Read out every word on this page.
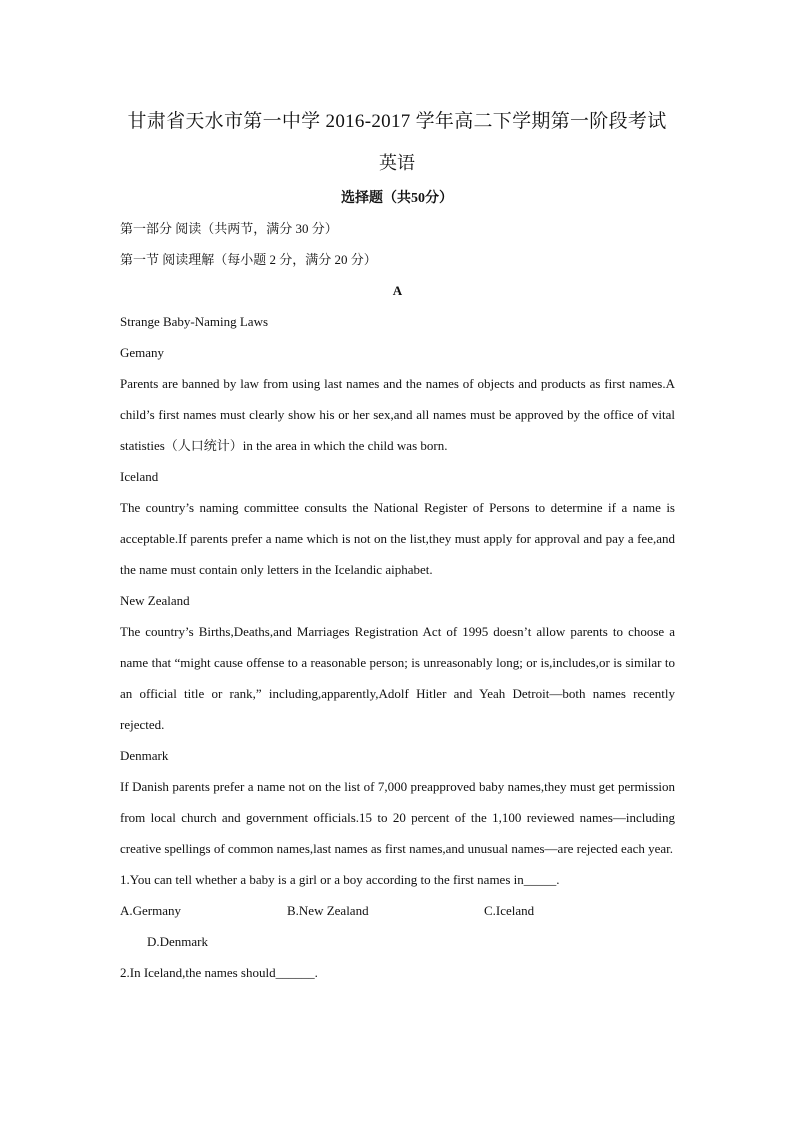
甘肃省天水市第一中学 2016-2017 学年高二下学期第一阶段考试
英语
选择题（共50分）
第一部分 阅读（共两节，满分 30 分）
第一节 阅读理解（每小题 2 分，满分 20 分）
A
Strange Baby-Naming Laws
Gemany
Parents are banned by law from using last names and the names of objects and products as first names.A child’s first names must clearly show his or her sex,and all names must be approved by the office of vital statisties（人口统计）in the area in which the child was born.
Iceland
The country’s naming committee consults the National Register of Persons to determine if a name is acceptable.If parents prefer a name which is not on the list,they must apply for approval and pay a fee,and the name must contain only letters in the Icelandic aiphabet.
New Zealand
The country’s Births,Deaths,and Marriages Registration Act of 1995 doesn’t allow parents to choose a name that “might cause offense to a reasonable person; is unreasonably long; or is,includes,or is similar to an official title or rank,” including,apparently,Adolf Hitler and Yeah Detroit—both names recently rejected.
Denmark
If Danish parents prefer a name not on the list of 7,000 preapproved baby names,they must get permission from local church and government officials.15 to 20 percent of the 1,100 reviewed names—including creative spellings of common names,last names as first names,and unusual names—are rejected each year.
1.You can tell whether a baby is a girl or a boy according to the first names in_____.
A.Germany	B.New Zealand	C.Iceland
D.Denmark
2.In Iceland,the names should______.
